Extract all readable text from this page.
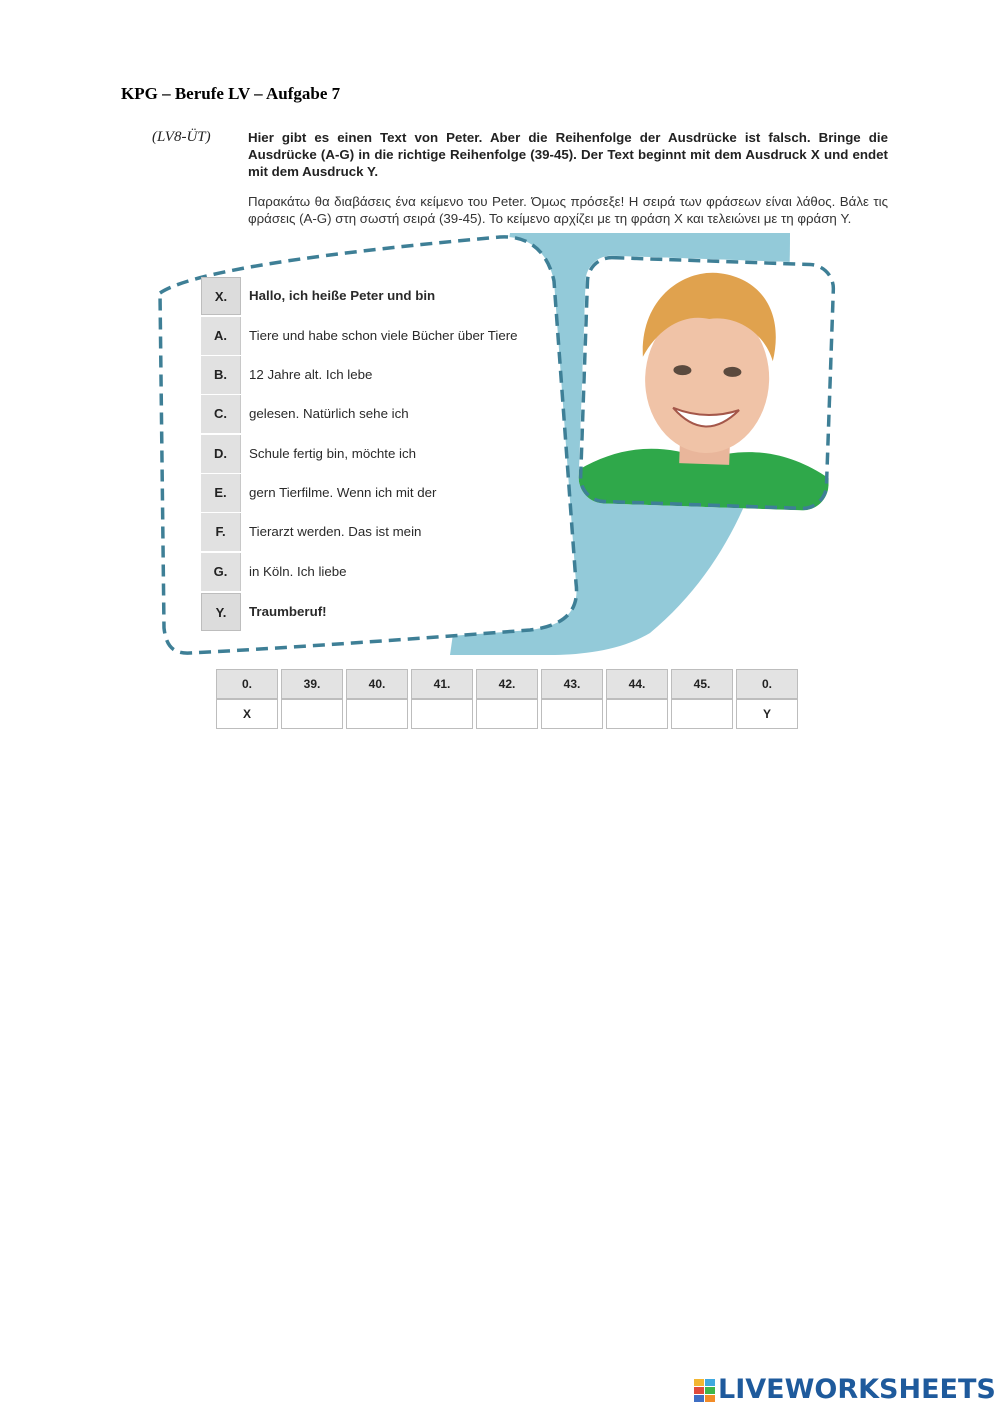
KPG – Berufe LV – Aufgabe 7
(LV8-ÜT)	Hier gibt es einen Text von Peter. Aber die Reihenfolge der Ausdrücke ist falsch. Bringe die Ausdrücke (A-G) in die richtige Reihenfolge (39-45). Der Text beginnt mit dem Ausdruck X und endet mit dem Ausdruck Y.
Παρακάτω θα διαβάσεις ένα κείμενο του Peter. Όμως πρόσεξε! Η σειρά των φράσεων είναι λάθος. Βάλε τις φράσεις (A-G) στη σωστή σειρά (39-45). Το κείμενο αρχίζει με τη φράση X και τελειώνει με τη φράση Y.
X.	Hallo, ich heiße Peter und bin
A.	Tiere und habe schon viele Bücher über Tiere
B.	12 Jahre alt. Ich lebe
C.	gelesen. Natürlich sehe ich
D.	Schule fertig bin, möchte ich
E.	gern Tierfilme. Wenn ich mit der
F.	Tierarzt werden. Das ist mein
G.	in Köln. Ich liebe
Y.	Traumberuf!
0.	39.	40.	41.	42.	43.	44.	45.	0.
X								Y
LIVEWORKSHEETS
